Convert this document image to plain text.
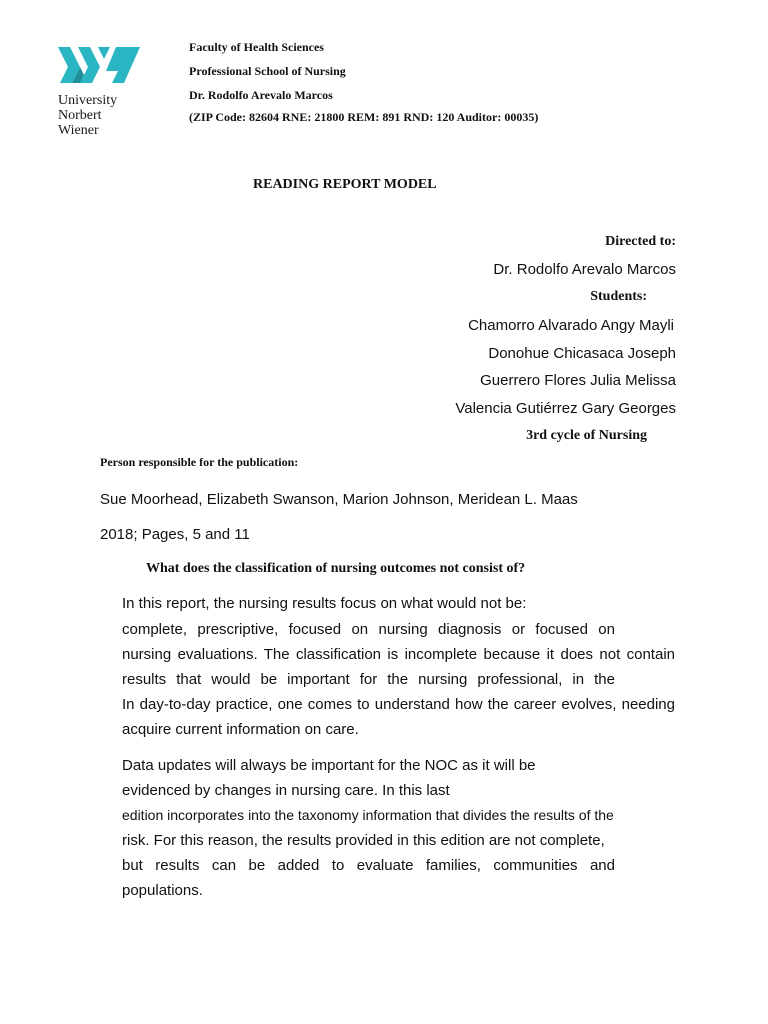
University
Norbert Wiener
Faculty of Health Sciences
Professional School of Nursing
Dr. Rodolfo Arevalo Marcos
(ZIP Code: 82604 RNE: 21800 REM: 891 RND: 120 Auditor: 00035)
READING REPORT MODEL
Directed to:
Dr. Rodolfo Arevalo Marcos
Students:
Chamorro Alvarado Angy Mayli
Donohue Chicasaca Joseph
Guerrero Flores Julia Melissa
Valencia Gutiérrez Gary Georges
3rd cycle of Nursing
Person responsible for the publication:
Sue Moorhead, Elizabeth Swanson, Marion Johnson, Meridean L. Maas
2018; Pages, 5 and 11
What does the classification of nursing outcomes not consist of?
In this report, the nursing results focus on what would not be:
complete, prescriptive, focused on nursing diagnosis or focused on
nursing evaluations. The classification is incomplete because it does not contain
results that would be important for the nursing professional, in the
In day-to-day practice, one comes to understand how the career evolves, needing
acquire current information on care.
Data updates will always be important for the NOC as it will be
evidenced by changes in nursing care. In this last
edition incorporates into the taxonomy information that divides the results of the
risk. For this reason, the results provided in this edition are not complete,
but results can be added to evaluate families, communities and
populations.
